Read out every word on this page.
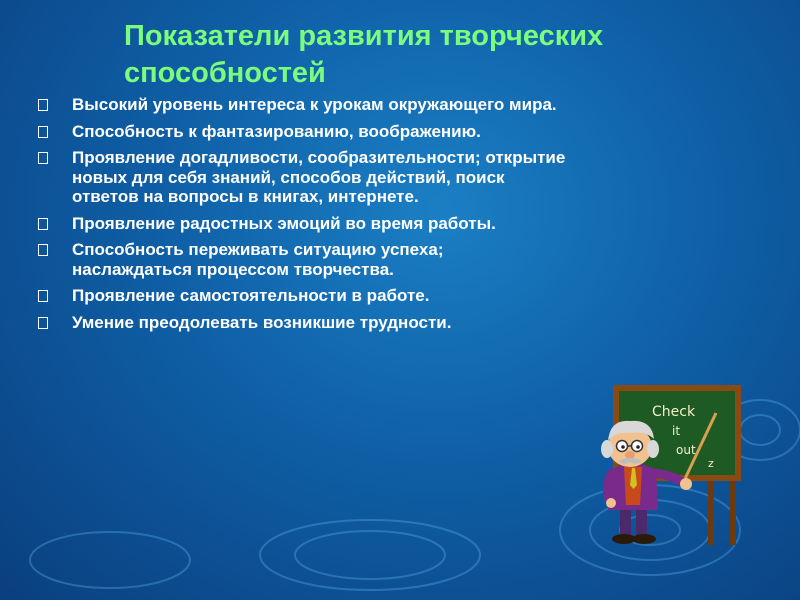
Показатели развития творческих способностей
Высокий уровень интереса к урокам окружающего мира.
Способность к фантазированию, воображению.
Проявление догадливости, сообразительности; открытие новых для себя знаний, способов действий, поиск ответов на вопросы в книгах, интернете.
Проявление радостных эмоций во время работы.
Способность переживать ситуацию успеха; наслаждаться процессом творчества.
Проявление самостоятельности в работе.
Умение преодолевать возникшие трудности.
Check
it
out
z
